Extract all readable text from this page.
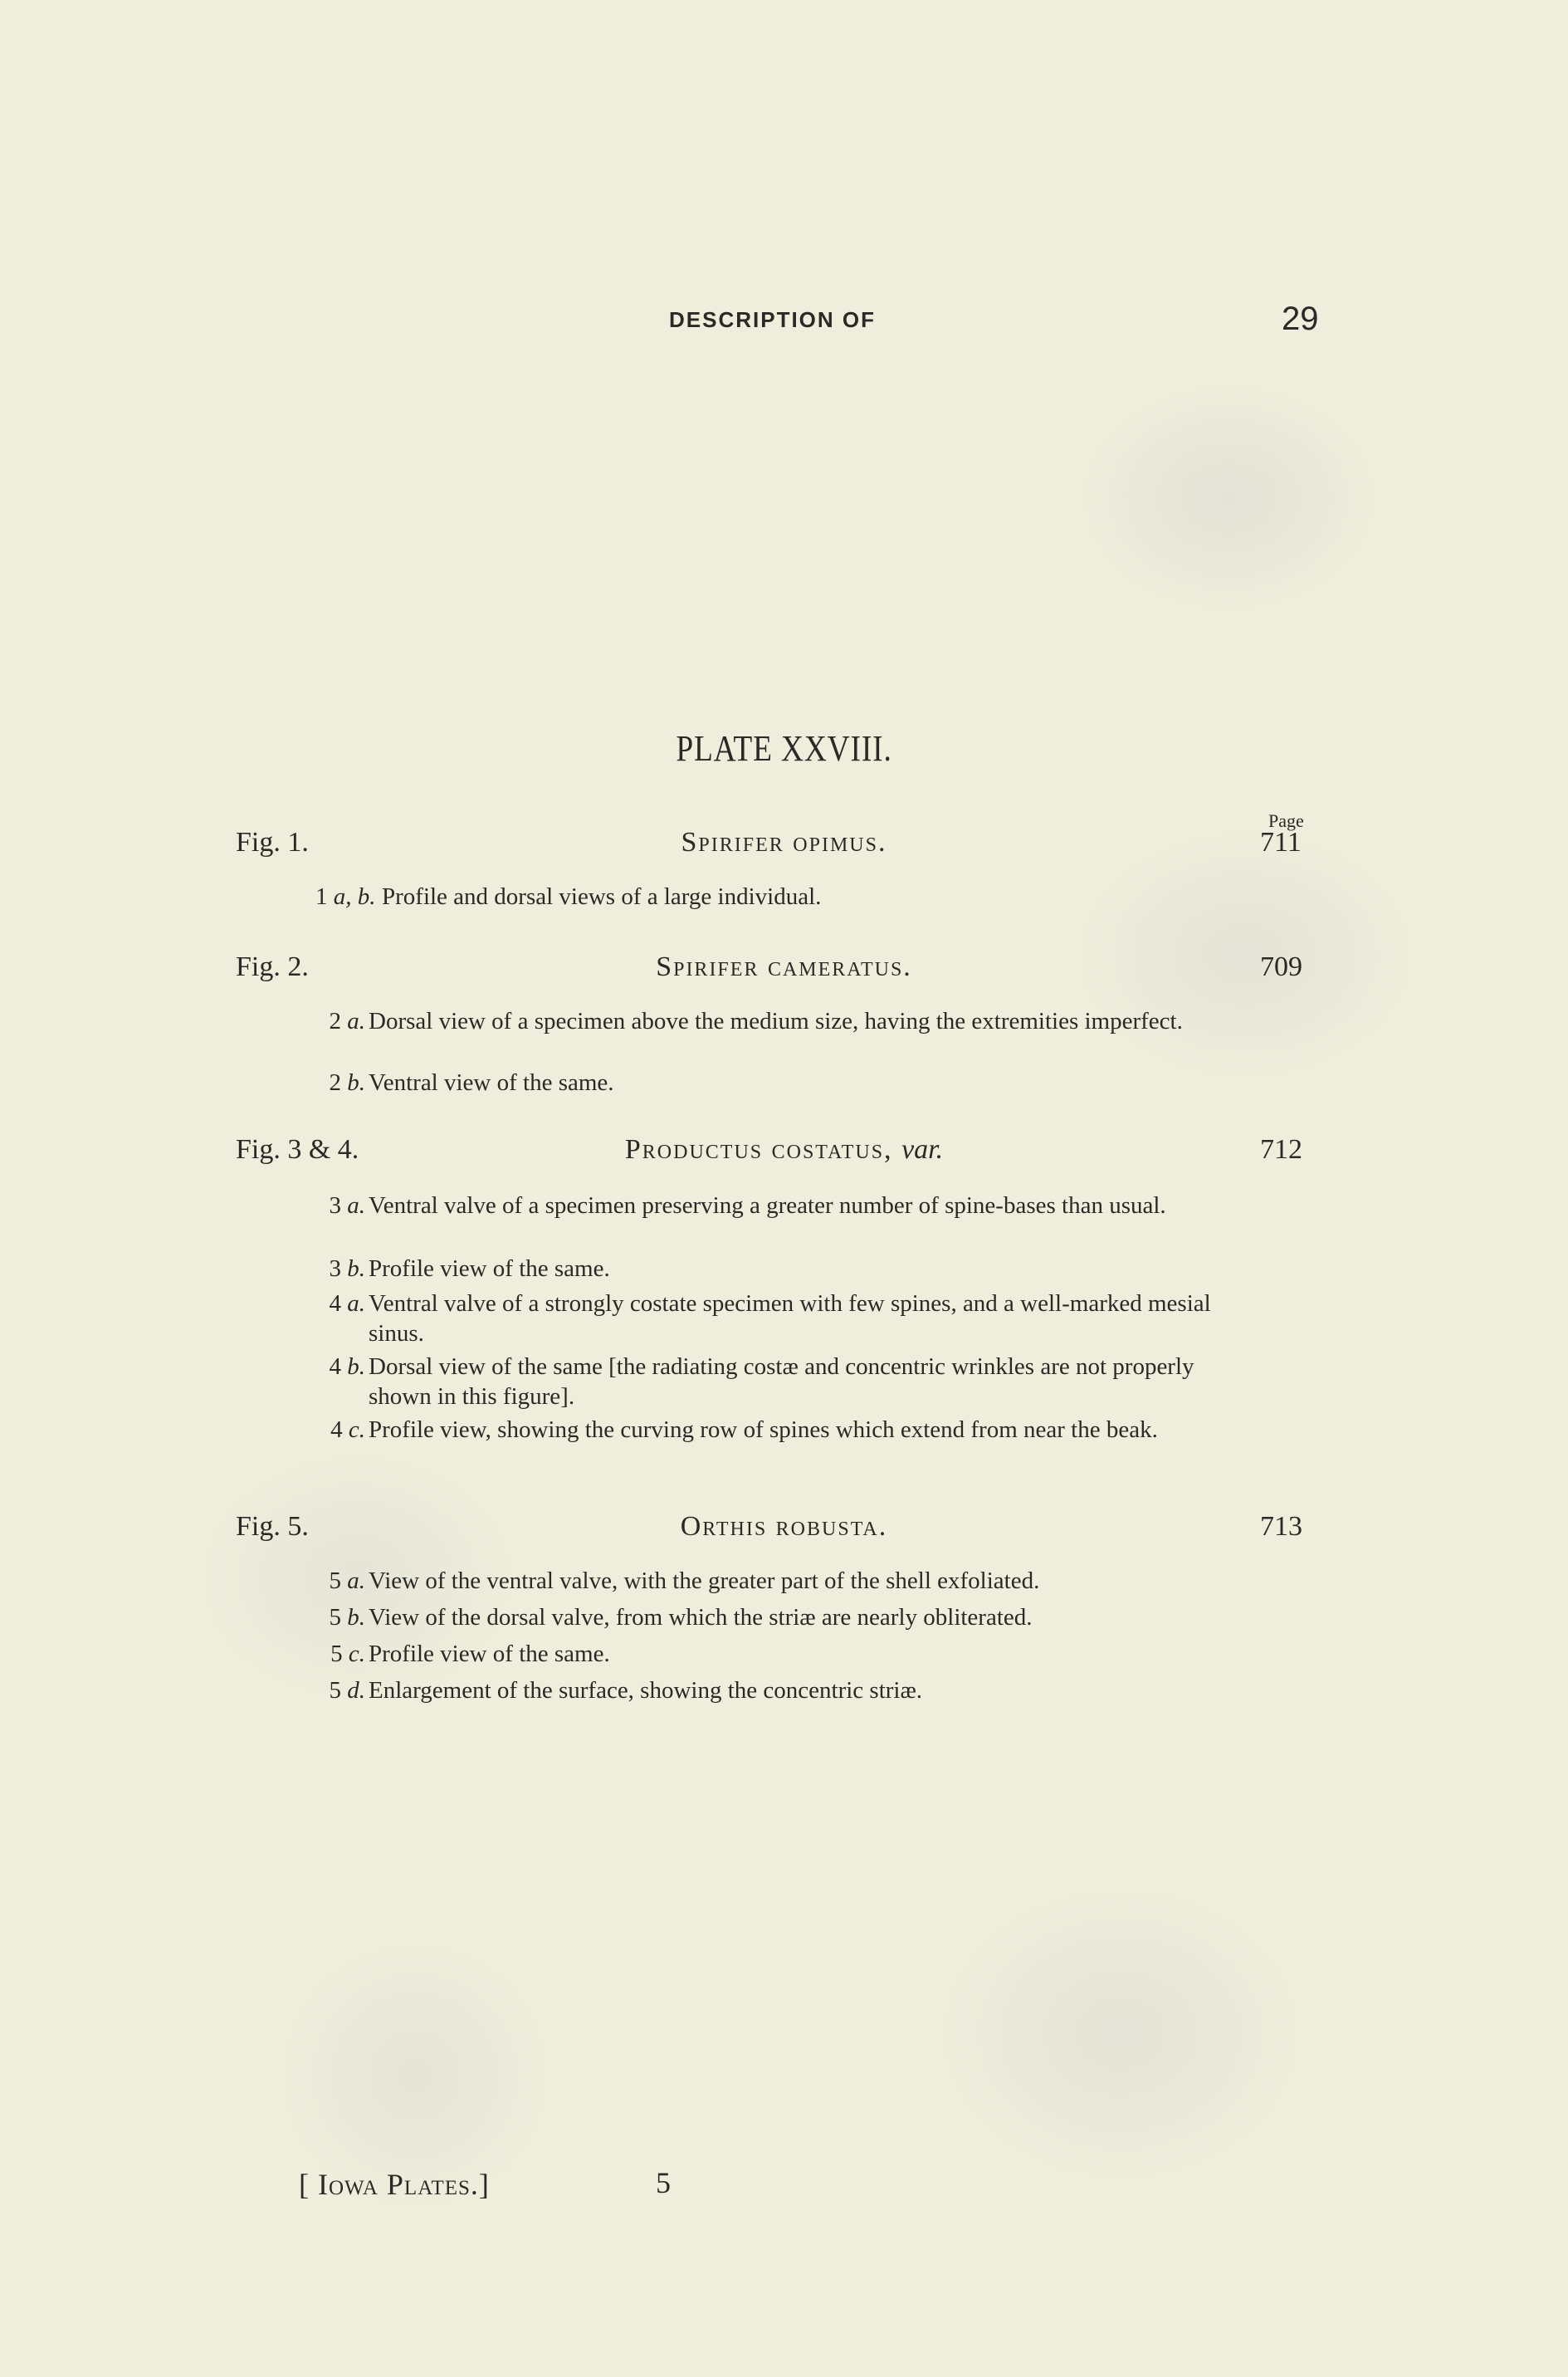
DESCRIPTION OF	29
PLATE XXVIII.
Page
Fig. 1.	Spirifer opimus.	711
1 a, b. Profile and dorsal views of a large individual.
Fig. 2.	Spirifer cameratus.	709
2 a. Dorsal view of a specimen above the medium size, having the extremities imperfect.
2 b. Ventral view of the same.
Fig. 3 & 4.	Productus costatus, var.	712
3 a. Ventral valve of a specimen preserving a greater number of spine-bases than usual.
3 b. Profile view of the same.
4 a. Ventral valve of a strongly costate specimen with few spines, and a well-marked mesial sinus.
4 b. Dorsal view of the same [the radiating costæ and concentric wrinkles are not properly shown in this figure].
4 c. Profile view, showing the curving row of spines which extend from near the beak.
Fig. 5.	Orthis robusta.	713
5 a. View of the ventral valve, with the greater part of the shell exfoliated.
5 b. View of the dorsal valve, from which the striæ are nearly obliterated.
5 c. Profile view of the same.
5 d. Enlargement of the surface, showing the concentric striæ.
[ Iowa Plates.]	5
